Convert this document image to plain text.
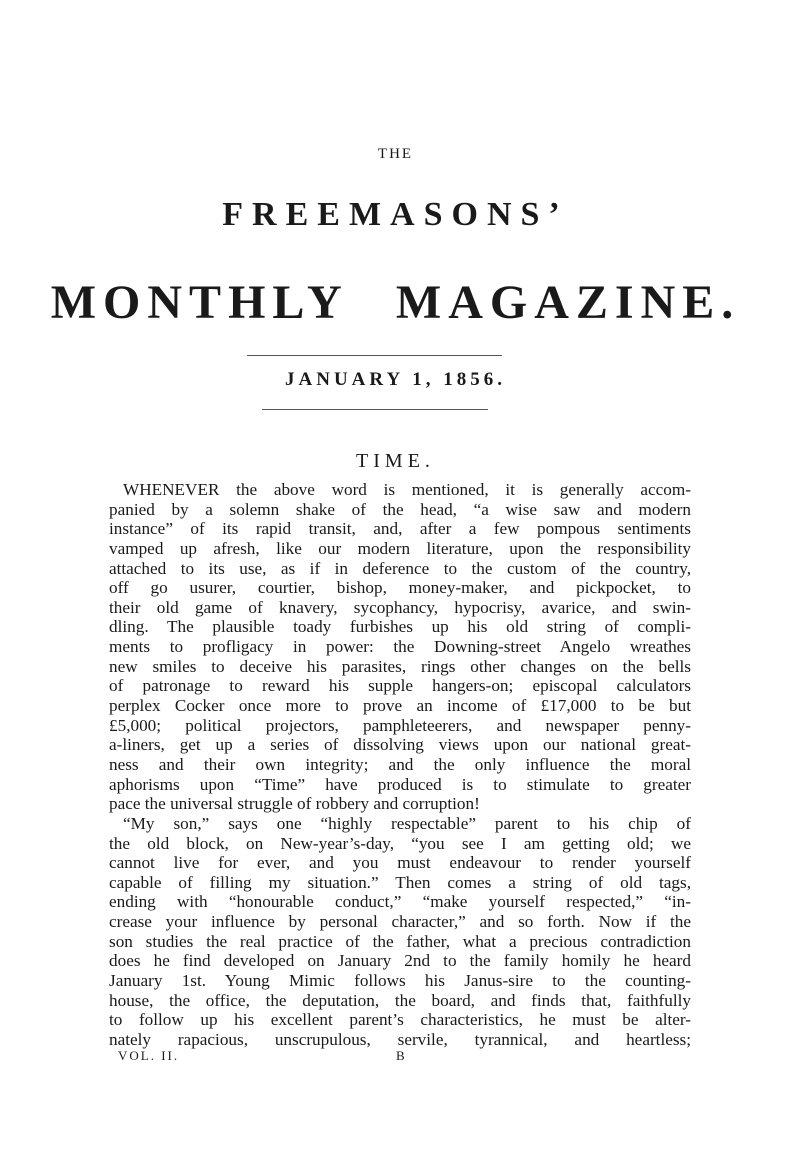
THE
FREEMASONS’
MONTHLY MAGAZINE.
JANUARY 1, 1856.
TIME.
WHENEVER the above word is mentioned, it is generally accom-
panied by a solemn shake of the head, “a wise saw and modern
instance” of its rapid transit, and, after a few pompous sentiments
vamped up afresh, like our modern literature, upon the responsibility
attached to its use, as if in deference to the custom of the country,
off go usurer, courtier, bishop, money-maker, and pickpocket, to
their old game of knavery, sycophancy, hypocrisy, avarice, and swin-
dling. The plausible toady furbishes up his old string of compli-
ments to profligacy in power: the Downing-street Angelo wreathes
new smiles to deceive his parasites, rings other changes on the bells
of patronage to reward his supple hangers-on; episcopal calculators
perplex Cocker once more to prove an income of £17,000 to be but
£5,000; political projectors, pamphleteerers, and newspaper penny-
a-liners, get up a series of dissolving views upon our national great-
ness and their own integrity; and the only influence the moral
aphorisms upon “Time” have produced is to stimulate to greater
pace the universal struggle of robbery and corruption!
“My son,” says one “highly respectable” parent to his chip of
the old block, on New-year’s-day, “you see I am getting old; we
cannot live for ever, and you must endeavour to render yourself
capable of filling my situation.” Then comes a string of old tags,
ending with “honourable conduct,” “make yourself respected,” “in-
crease your influence by personal character,” and so forth. Now if the
son studies the real practice of the father, what a precious contradiction
does he find developed on January 2nd to the family homily he heard
January 1st. Young Mimic follows his Janus-sire to the counting-
house, the office, the deputation, the board, and finds that, faithfully
to follow up his excellent parent’s characteristics, he must be alter-
nately rapacious, unscrupulous, servile, tyrannical, and heartless;
VOL. II.	B
